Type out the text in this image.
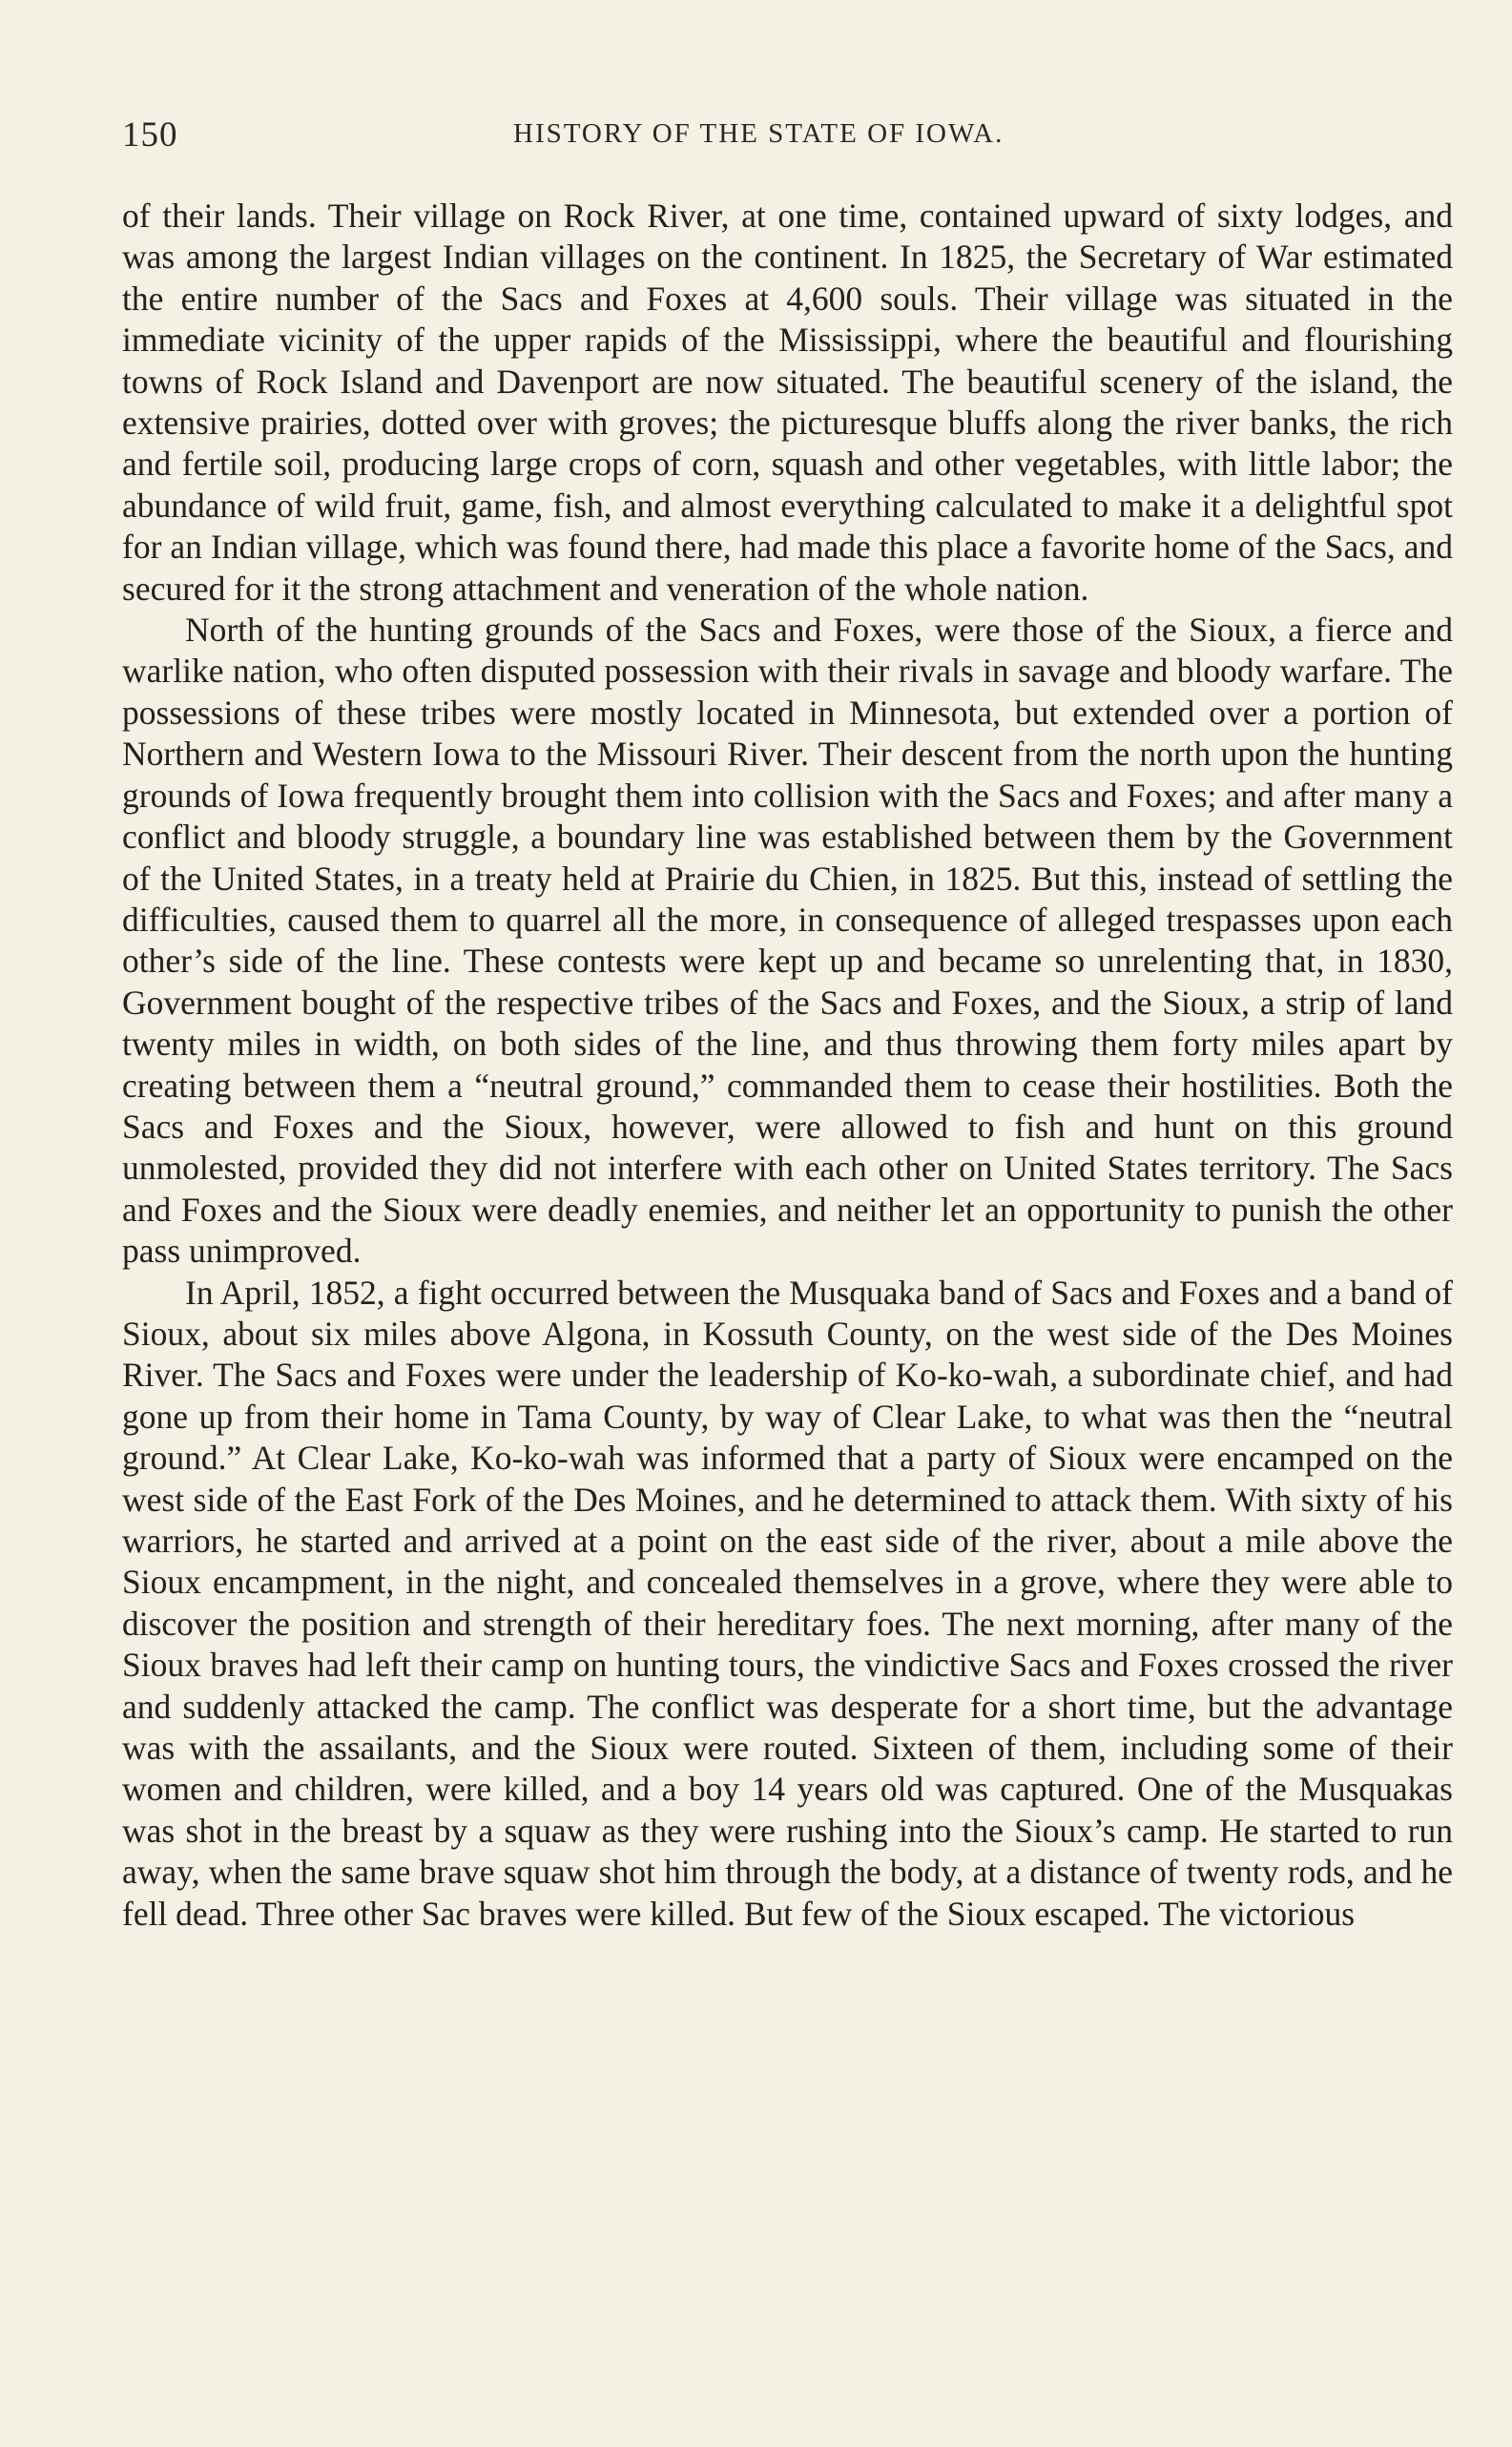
150	HISTORY OF THE STATE OF IOWA.

of their lands. Their village on Rock River, at one time, contained upward of sixty lodges, and was among the largest Indian villages on the continent. In 1825, the Secretary of War estimated the entire number of the Sacs and Foxes at 4,600 souls. Their village was situated in the immediate vicinity of the upper rapids of the Mississippi, where the beautiful and flourishing towns of Rock Island and Davenport are now situated. The beautiful scenery of the island, the extensive prairies, dotted over with groves; the picturesque bluffs along the river banks, the rich and fertile soil, producing large crops of corn, squash and other vegetables, with little labor; the abundance of wild fruit, game, fish, and almost everything calculated to make it a delightful spot for an Indian village, which was found there, had made this place a favorite home of the Sacs, and secured for it the strong attachment and veneration of the whole nation.

North of the hunting grounds of the Sacs and Foxes, were those of the Sioux, a fierce and warlike nation, who often disputed possession with their rivals in savage and bloody warfare. The possessions of these tribes were mostly located in Minnesota, but extended over a portion of Northern and Western Iowa to the Missouri River. Their descent from the north upon the hunting grounds of Iowa frequently brought them into collision with the Sacs and Foxes; and after many a conflict and bloody struggle, a boundary line was established between them by the Government of the United States, in a treaty held at Prairie du Chien, in 1825. But this, instead of settling the difficulties, caused them to quarrel all the more, in consequence of alleged trespasses upon each other’s side of the line. These contests were kept up and became so unrelenting that, in 1830, Government bought of the respective tribes of the Sacs and Foxes, and the Sioux, a strip of land twenty miles in width, on both sides of the line, and thus throwing them forty miles apart by creating between them a “neutral ground,” commanded them to cease their hostilities. Both the Sacs and Foxes and the Sioux, however, were allowed to fish and hunt on this ground unmolested, provided they did not interfere with each other on United States territory. The Sacs and Foxes and the Sioux were deadly enemies, and neither let an opportunity to punish the other pass unimproved.

In April, 1852, a fight occurred between the Musquaka band of Sacs and Foxes and a band of Sioux, about six miles above Algona, in Kossuth County, on the west side of the Des Moines River. The Sacs and Foxes were under the leadership of Ko-ko-wah, a subordinate chief, and had gone up from their home in Tama County, by way of Clear Lake, to what was then the “neutral ground.” At Clear Lake, Ko-ko-wah was informed that a party of Sioux were encamped on the west side of the East Fork of the Des Moines, and he determined to attack them. With sixty of his warriors, he started and arrived at a point on the east side of the river, about a mile above the Sioux encampment, in the night, and concealed themselves in a grove, where they were able to discover the position and strength of their hereditary foes. The next morning, after many of the Sioux braves had left their camp on hunting tours, the vindictive Sacs and Foxes crossed the river and suddenly attacked the camp. The conflict was desperate for a short time, but the advantage was with the assailants, and the Sioux were routed. Sixteen of them, including some of their women and children, were killed, and a boy 14 years old was captured. One of the Musquakas was shot in the breast by a squaw as they were rushing into the Sioux’s camp. He started to run away, when the same brave squaw shot him through the body, at a distance of twenty rods, and he fell dead. Three other Sac braves were killed. But few of the Sioux escaped. The victorious
